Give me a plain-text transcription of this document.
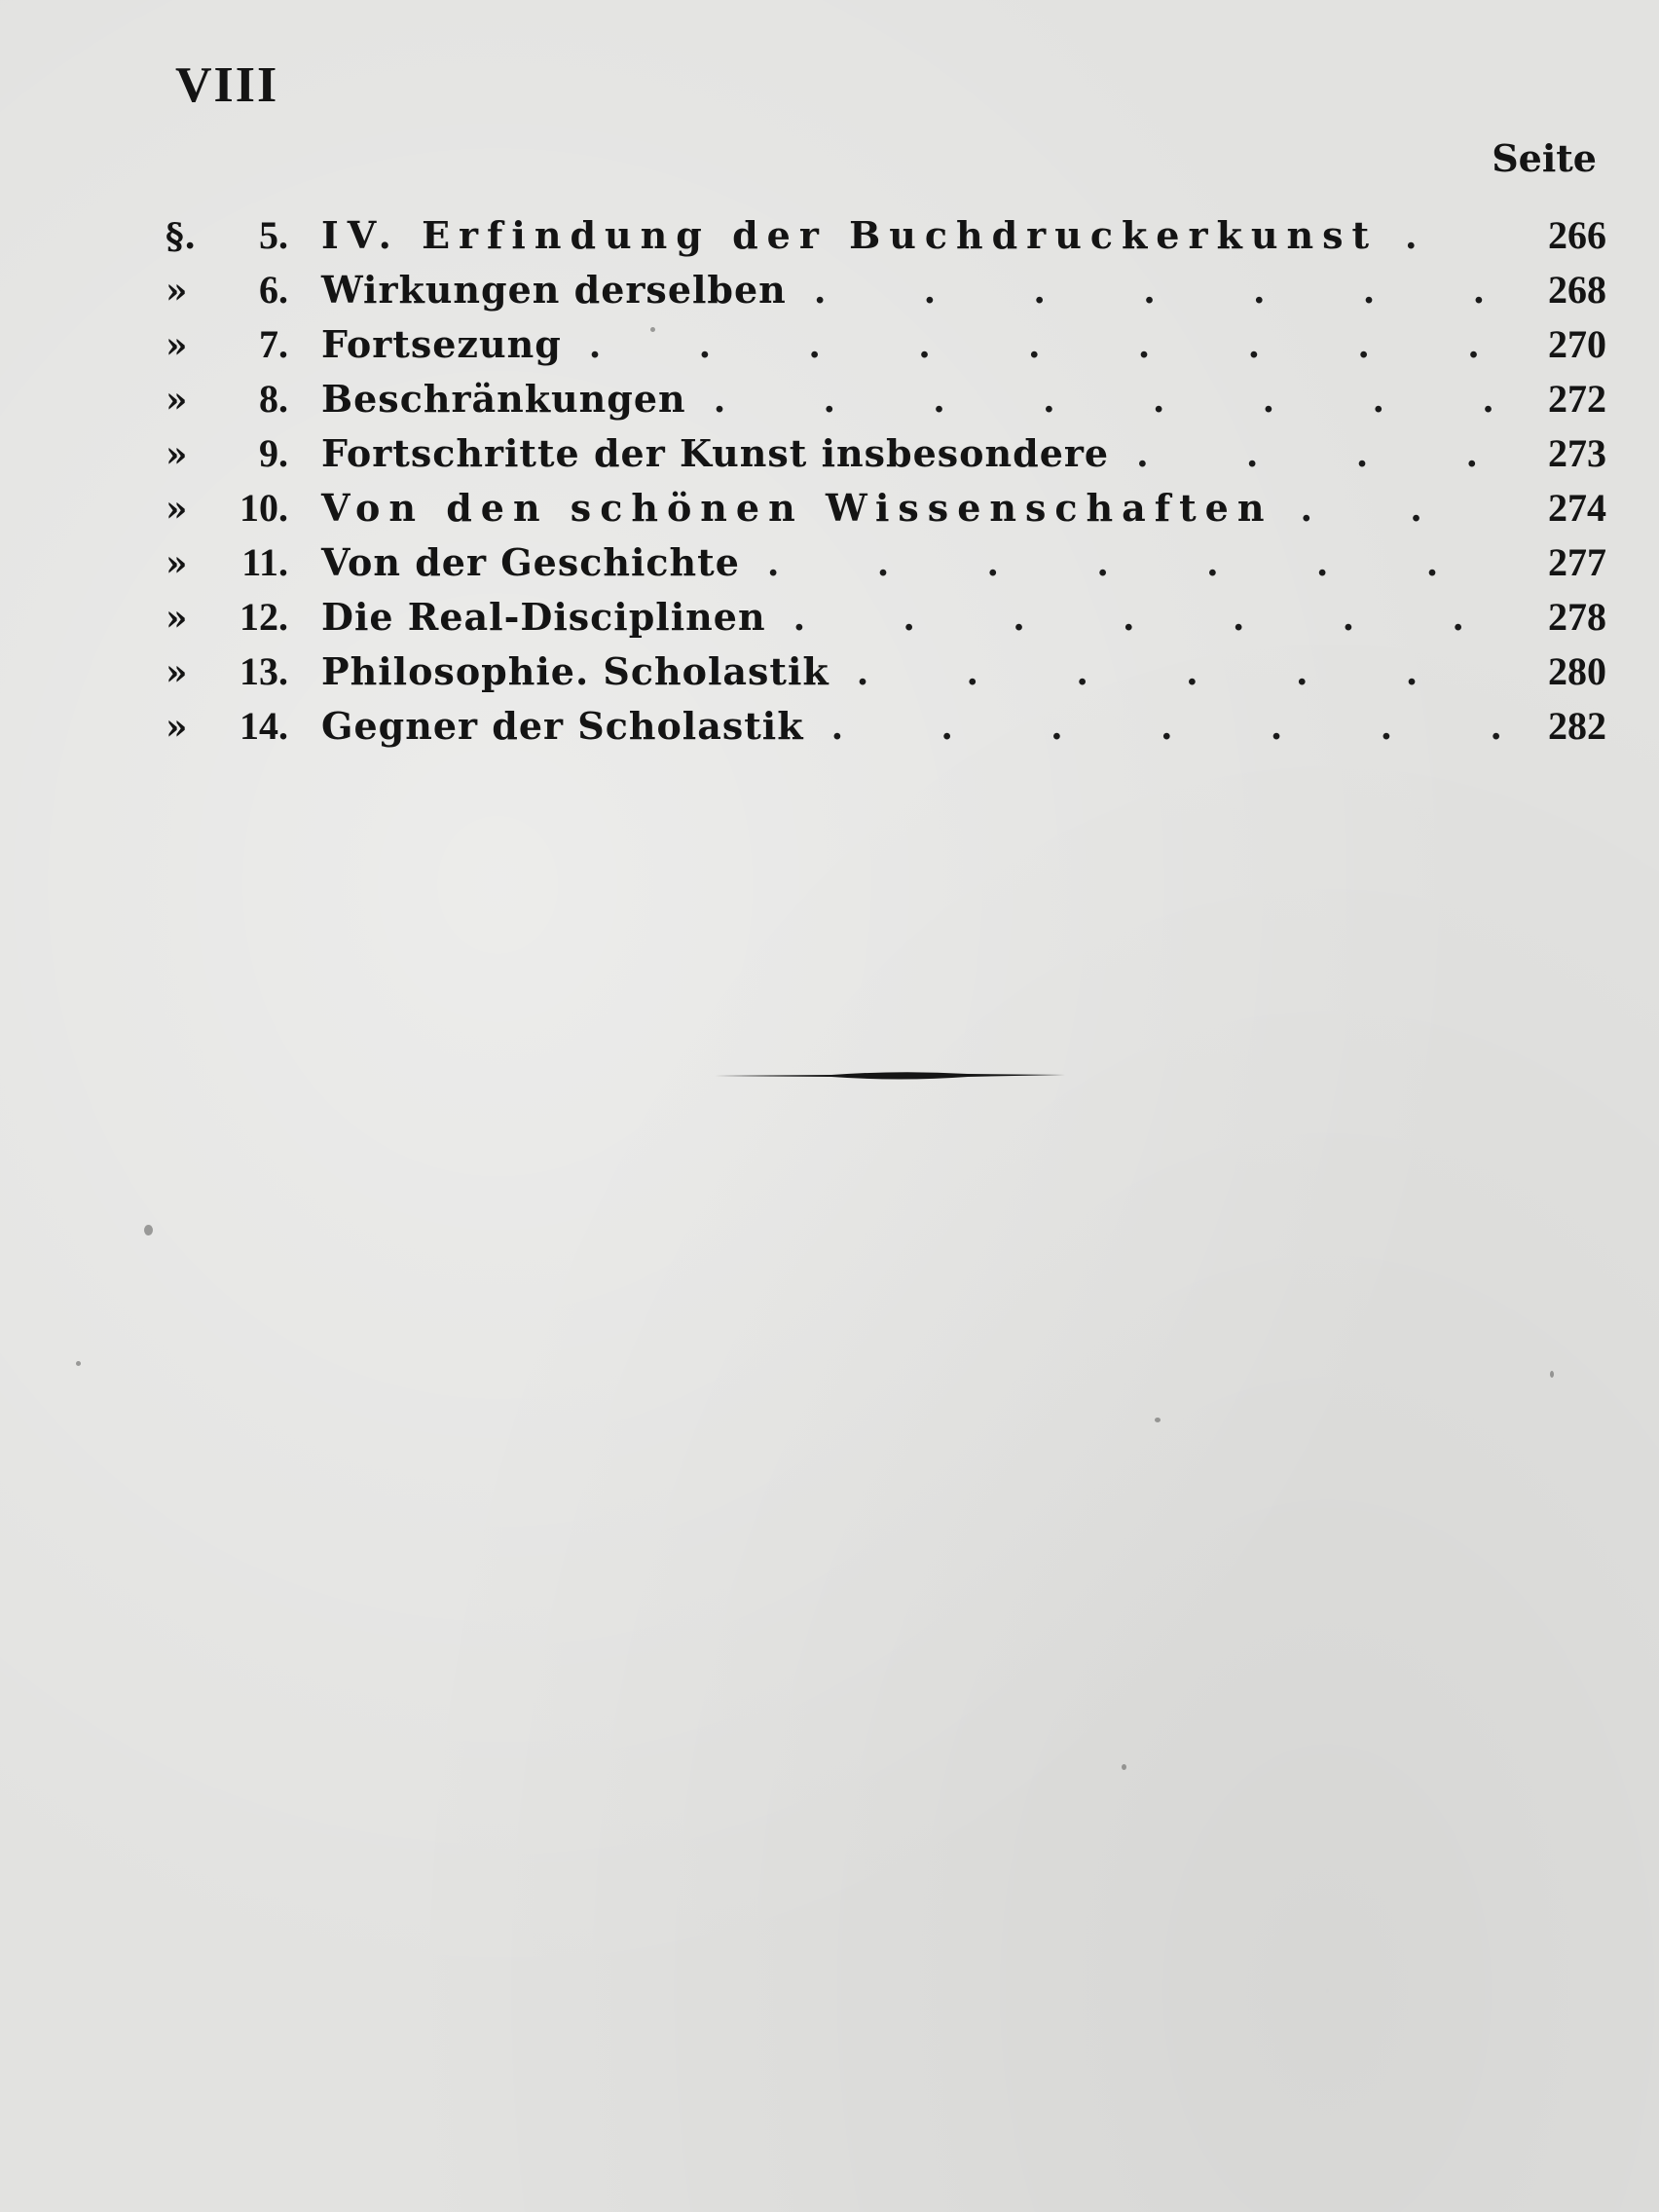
VIII
Seite
§.	5. IV. Erfindung der Buchdruckerkunst .	266
»	6. Wirkungen derselben .	268
»	7. Fortsezung .	270
»	8. Beschränkungen .	272
»	9. Fortschritte der Kunst insbesondere .	273
»	10. Von den schönen Wissenschaften .	274
»	11. Von der Geschichte .	277
»	12. Die Real-Disciplinen .	278
»	13. Philosophie. Scholastik .	280
»	14. Gegner der Scholastik .	282
